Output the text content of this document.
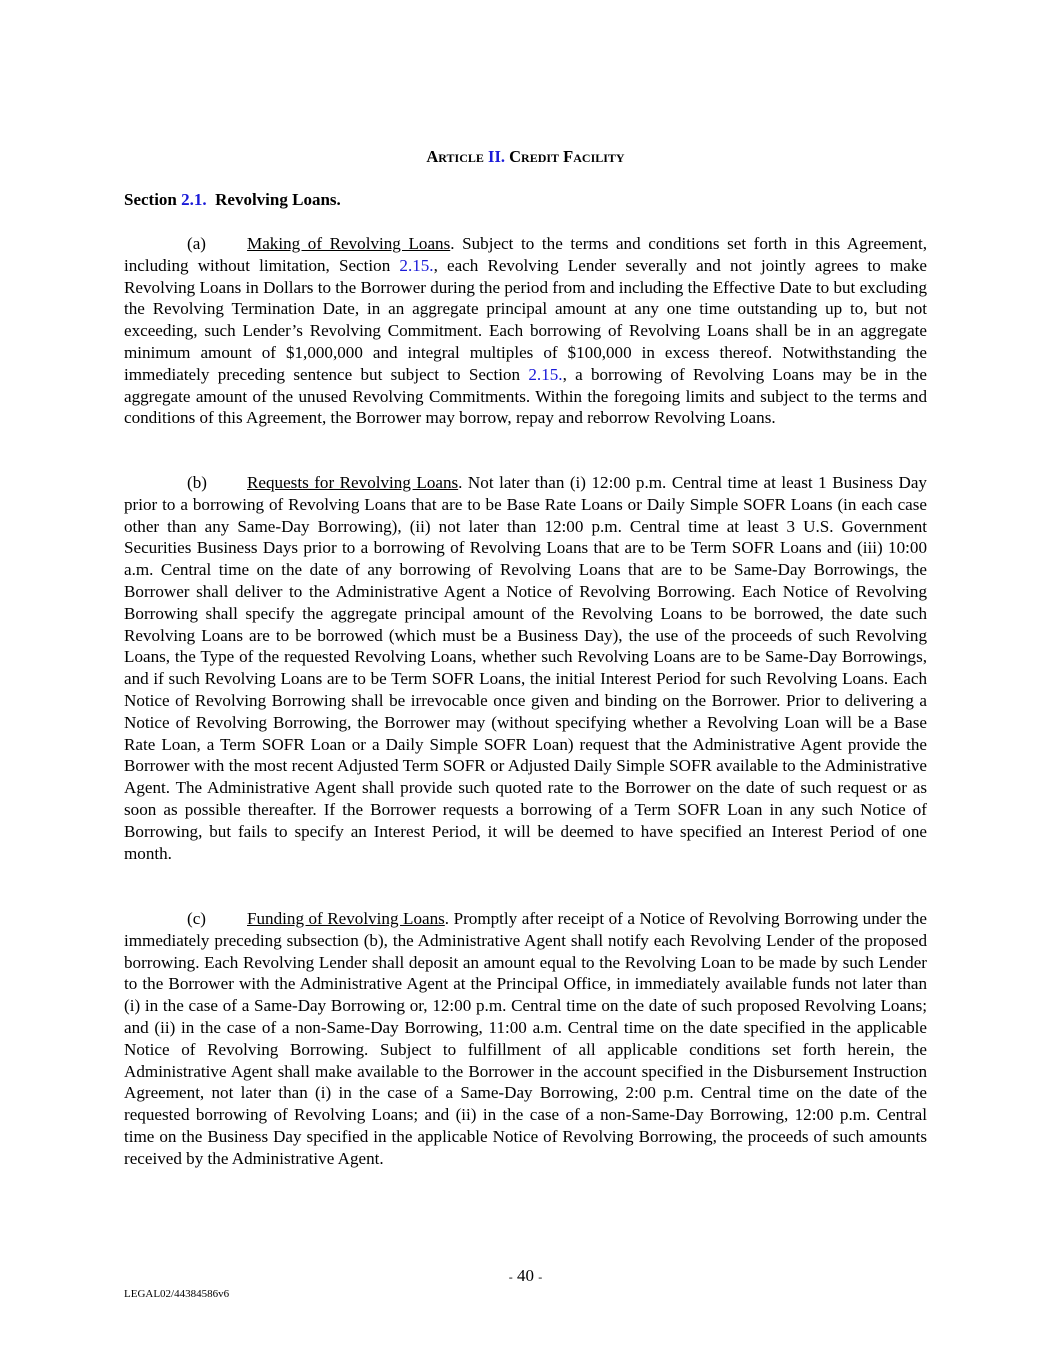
Article II. Credit Facility
Section 2.1. Revolving Loans.
(a) Making of Revolving Loans. Subject to the terms and conditions set forth in this Agreement, including without limitation, Section 2.15., each Revolving Lender severally and not jointly agrees to make Revolving Loans in Dollars to the Borrower during the period from and including the Effective Date to but excluding the Revolving Termination Date, in an aggregate principal amount at any one time outstanding up to, but not exceeding, such Lender’s Revolving Commitment. Each borrowing of Revolving Loans shall be in an aggregate minimum amount of $1,000,000 and integral multiples of $100,000 in excess thereof. Notwithstanding the immediately preceding sentence but subject to Section 2.15., a borrowing of Revolving Loans may be in the aggregate amount of the unused Revolving Commitments. Within the foregoing limits and subject to the terms and conditions of this Agreement, the Borrower may borrow, repay and reborrow Revolving Loans.
(b) Requests for Revolving Loans. Not later than (i) 12:00 p.m. Central time at least 1 Business Day prior to a borrowing of Revolving Loans that are to be Base Rate Loans or Daily Simple SOFR Loans (in each case other than any Same-Day Borrowing), (ii) not later than 12:00 p.m. Central time at least 3 U.S. Government Securities Business Days prior to a borrowing of Revolving Loans that are to be Term SOFR Loans and (iii) 10:00 a.m. Central time on the date of any borrowing of Revolving Loans that are to be Same-Day Borrowings, the Borrower shall deliver to the Administrative Agent a Notice of Revolving Borrowing. Each Notice of Revolving Borrowing shall specify the aggregate principal amount of the Revolving Loans to be borrowed, the date such Revolving Loans are to be borrowed (which must be a Business Day), the use of the proceeds of such Revolving Loans, the Type of the requested Revolving Loans, whether such Revolving Loans are to be Same-Day Borrowings, and if such Revolving Loans are to be Term SOFR Loans, the initial Interest Period for such Revolving Loans. Each Notice of Revolving Borrowing shall be irrevocable once given and binding on the Borrower. Prior to delivering a Notice of Revolving Borrowing, the Borrower may (without specifying whether a Revolving Loan will be a Base Rate Loan, a Term SOFR Loan or a Daily Simple SOFR Loan) request that the Administrative Agent provide the Borrower with the most recent Adjusted Term SOFR or Adjusted Daily Simple SOFR available to the Administrative Agent. The Administrative Agent shall provide such quoted rate to the Borrower on the date of such request or as soon as possible thereafter. If the Borrower requests a borrowing of a Term SOFR Loan in any such Notice of Borrowing, but fails to specify an Interest Period, it will be deemed to have specified an Interest Period of one month.
(c) Funding of Revolving Loans. Promptly after receipt of a Notice of Revolving Borrowing under the immediately preceding subsection (b), the Administrative Agent shall notify each Revolving Lender of the proposed borrowing. Each Revolving Lender shall deposit an amount equal to the Revolving Loan to be made by such Lender to the Borrower with the Administrative Agent at the Principal Office, in immediately available funds not later than (i) in the case of a Same-Day Borrowing or, 12:00 p.m. Central time on the date of such proposed Revolving Loans; and (ii) in the case of a non-Same-Day Borrowing, 11:00 a.m. Central time on the date specified in the applicable Notice of Revolving Borrowing. Subject to fulfillment of all applicable conditions set forth herein, the Administrative Agent shall make available to the Borrower in the account specified in the Disbursement Instruction Agreement, not later than (i) in the case of a Same-Day Borrowing, 2:00 p.m. Central time on the date of the requested borrowing of Revolving Loans; and (ii) in the case of a non-Same-Day Borrowing, 12:00 p.m. Central time on the Business Day specified in the applicable Notice of Revolving Borrowing, the proceeds of such amounts received by the Administrative Agent.
- 40 -
LEGAL02/44384586v6
